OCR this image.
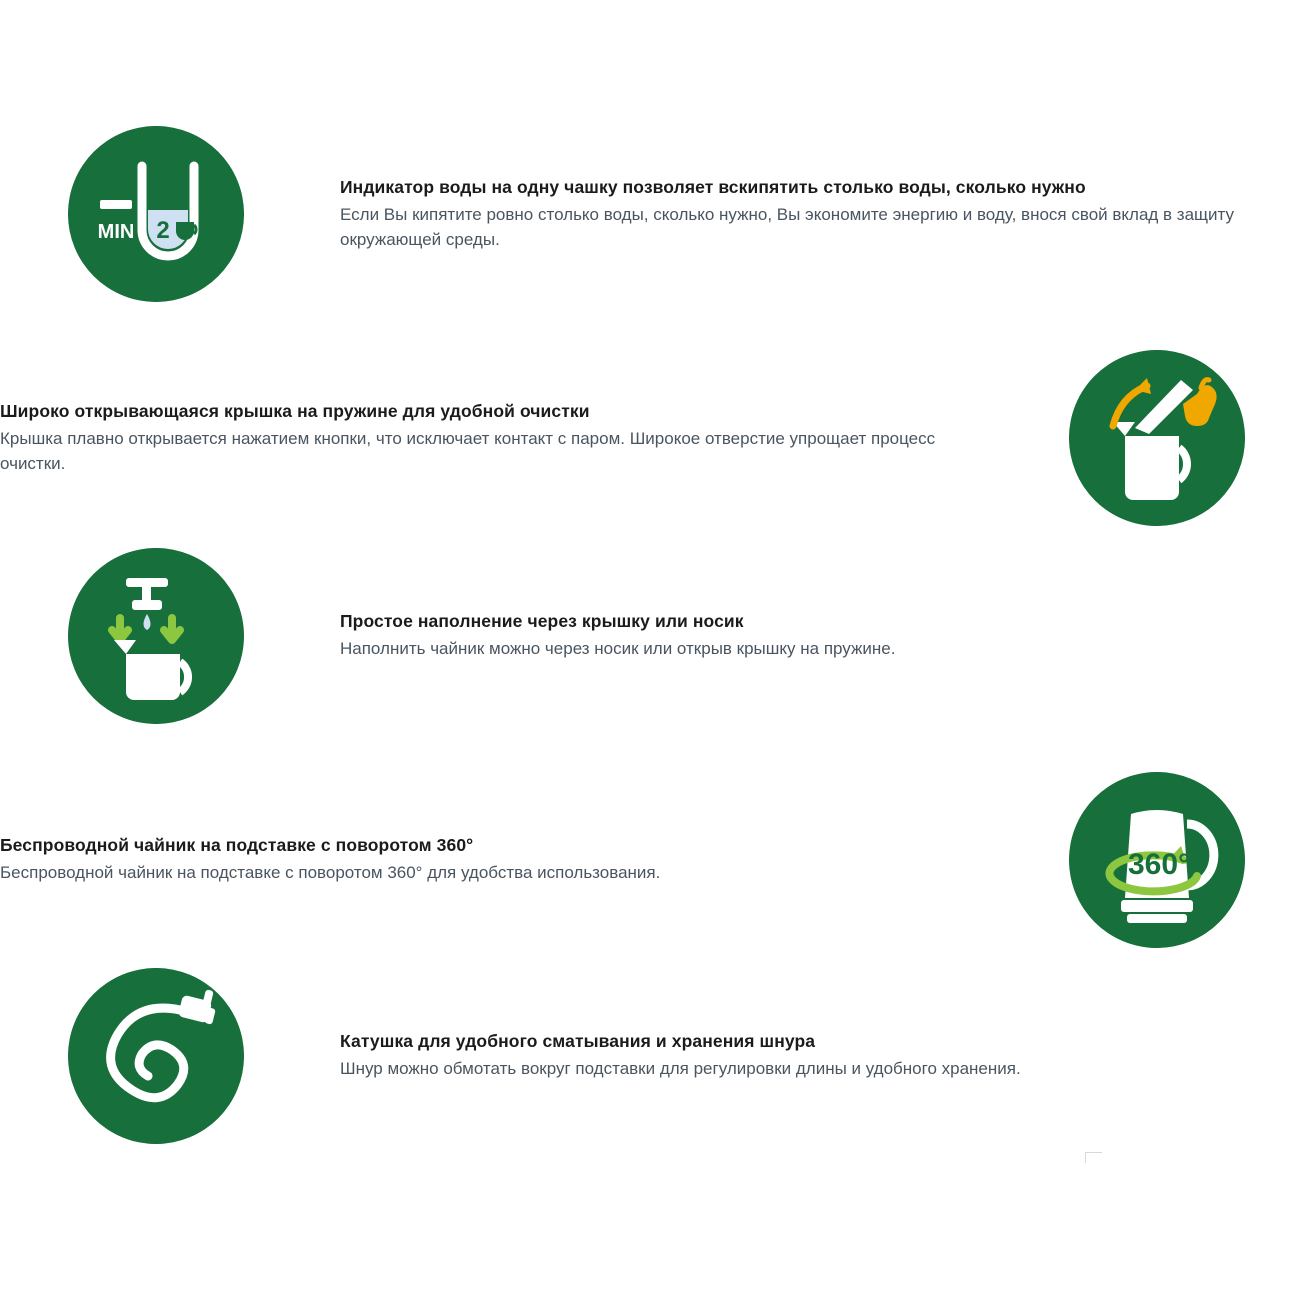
MIN 2

Индикатор воды на одну чашку позволяет вскипятить столько воды, сколько нужно

Если Вы кипятите ровно столько воды, сколько нужно, Вы экономите энергию и воду, внося свой вклад в защиту окружающей среды.

Широко открывающаяся крышка на пружине для удобной очистки

Крышка плавно открывается нажатием кнопки, что исключает контакт с паром. Широкое отверстие упрощает процесс очистки.

Простое наполнение через крышку или носик

Наполнить чайник можно через носик или открыв крышку на пружине.

360°

Беспроводной чайник на подставке с поворотом 360°

Беспроводной чайник на подставке с поворотом 360° для удобства использования.

Катушка для удобного сматывания и хранения шнура

Шнур можно обмотать вокруг подставки для регулировки длины и удобного хранения.
